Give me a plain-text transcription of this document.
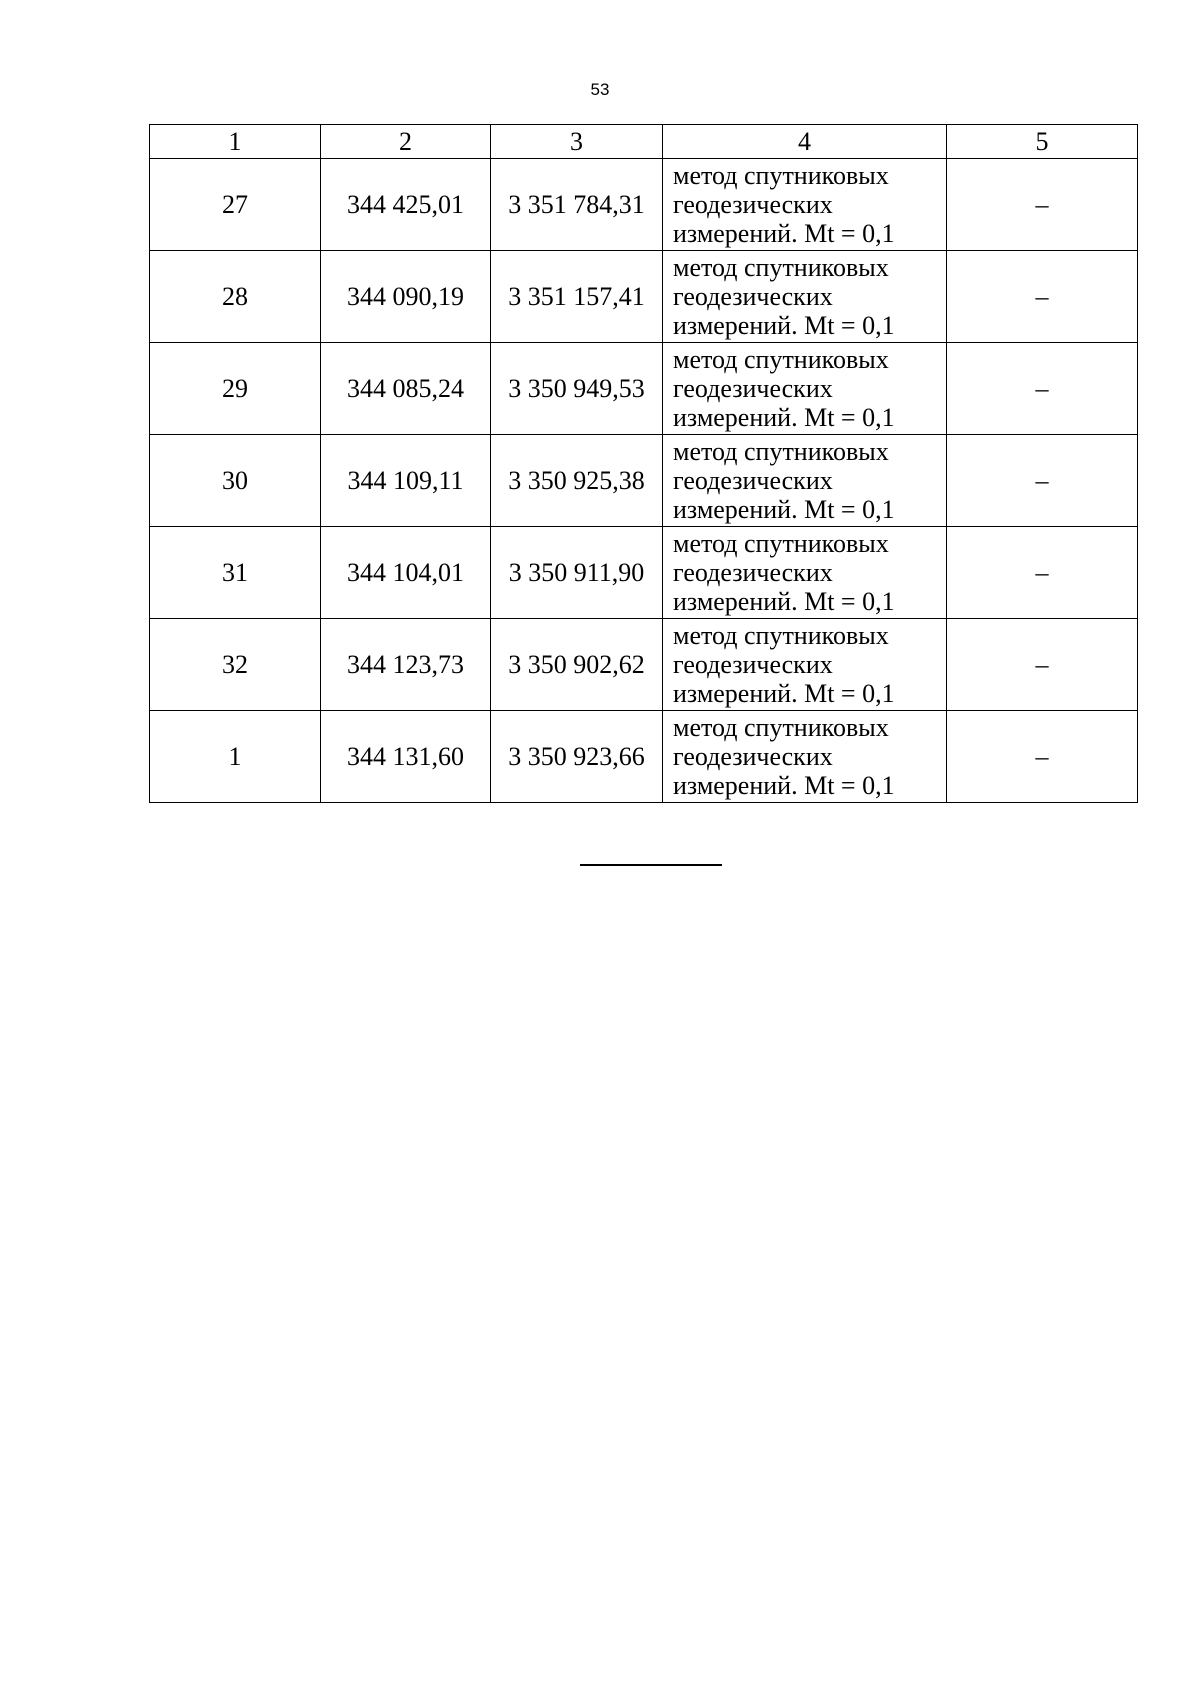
53
1	2	3	4	5
27	344 425,01	3 351 784,31	метод спутниковых
геодезических
измерений. Mt = 0,1	–
28	344 090,19	3 351 157,41	метод спутниковых
геодезических
измерений. Mt = 0,1	–
29	344 085,24	3 350 949,53	метод спутниковых
геодезических
измерений. Mt = 0,1	–
30	344 109,11	3 350 925,38	метод спутниковых
геодезических
измерений. Mt = 0,1	–
31	344 104,01	3 350 911,90	метод спутниковых
геодезических
измерений. Mt = 0,1	–
32	344 123,73	3 350 902,62	метод спутниковых
геодезических
измерений. Mt = 0,1	–
1	344 131,60	3 350 923,66	метод спутниковых
геодезических
измерений. Mt = 0,1	–
